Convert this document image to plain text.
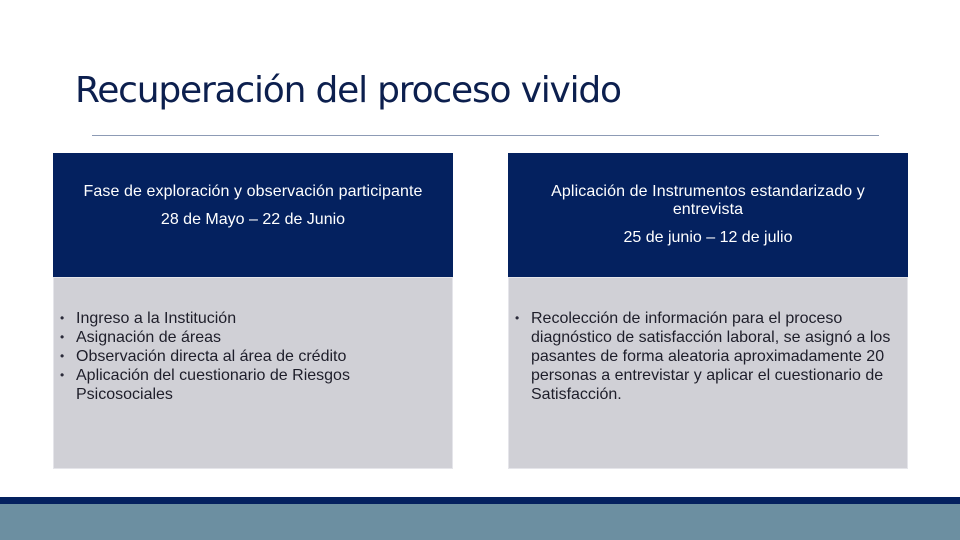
Recuperación del proceso vivido
Fase de exploración y observación participante
28 de Mayo – 22 de Junio
• Ingreso a la Institución
• Asignación de áreas
• Observación directa al área de crédito
• Aplicación del cuestionario de Riesgos Psicosociales
Aplicación de Instrumentos estandarizado y entrevista
25 de junio – 12 de julio
• Recolección de información para el proceso diagnóstico de satisfacción laboral, se asignó a los pasantes de forma aleatoria aproximadamente 20 personas a entrevistar y aplicar el cuestionario de Satisfacción.
